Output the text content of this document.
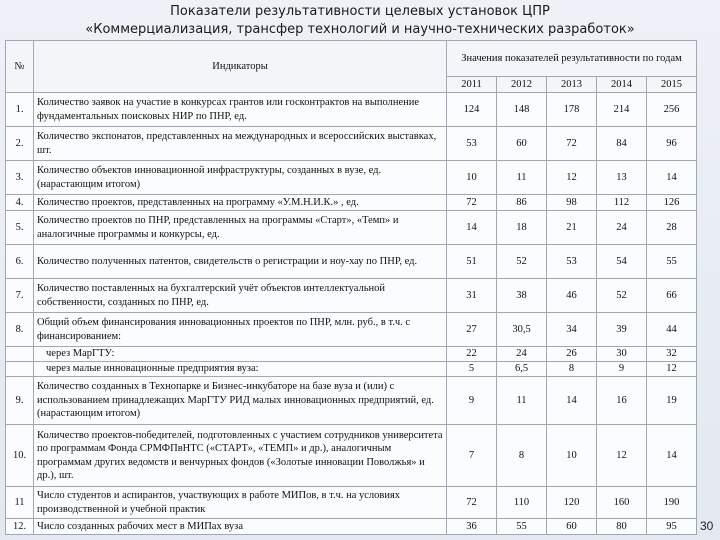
Показатели результативности целевых установок ЦПР
«Коммерциализация, трансфер технологий и научно-технических разработок»
№	Индикаторы	Значения показателей результативности по годам				
		2011	2012	2013	2014	2015
1.	Количество заявок на участие в конкурсах грантов или госконтрактов на выполнение фундаментальных поисковых НИР по ПНР, ед.	124	148	178	214	256
2.	Количество экспонатов, представленных на международных и всероссийских выставках, шт.	53	60	72	84	96
3.	Количество объектов инновационной инфраструктуры, созданных в вузе, ед. (нарастающим итогом)	10	11	12	13	14
4.	Количество проектов, представленных на программу «У.М.Н.И.К.» , ед.	72	86	98	112	126
5.	Количество проектов по ПНР, представленных на программы «Старт», «Темп» и аналогичные программы и конкурсы, ед.	14	18	21	24	28
6.	Количество полученных патентов, свидетельств о регистрации и ноу-хау по ПНР, ед.	51	52	53	54	55
7.	Количество поставленных на бухгалтерский учёт объектов интеллектуальной собственности, созданных по ПНР, ед.	31	38	46	52	66
8.	Общий объем финансирования инновационных проектов по ПНР, млн. руб., в т.ч. с финансированием:	27	30,5	34	39	44
	через МарГТУ:	22	24	26	30	32
	через малые инновационные предприятия вуза:	5	6,5	8	9	12
9.	Количество созданных в Технопарке и Бизнес-инкубаторе на базе вуза и (или) с использованием принадлежащих МарГТУ РИД малых инновационных предприятий, ед. (нарастающим итогом)	9	11	14	16	19
10.	Количество проектов-победителей, подготовленных с участием сотрудников университета по программам Фонда СРМФПвНТС («СТАРТ», «ТЕМП» и др.), аналогичным программам других ведомств и венчурных фондов («Золотые инновации Поволжья» и др.), шт.	7	8	10	12	14
11	Число студентов и аспирантов, участвующих в работе МИПов, в т.ч. на условиях производственной и учебной практик	72	110	120	160	190
12.	Число созданных рабочих мест в МИПах вуза	36	55	60	80	95 30
